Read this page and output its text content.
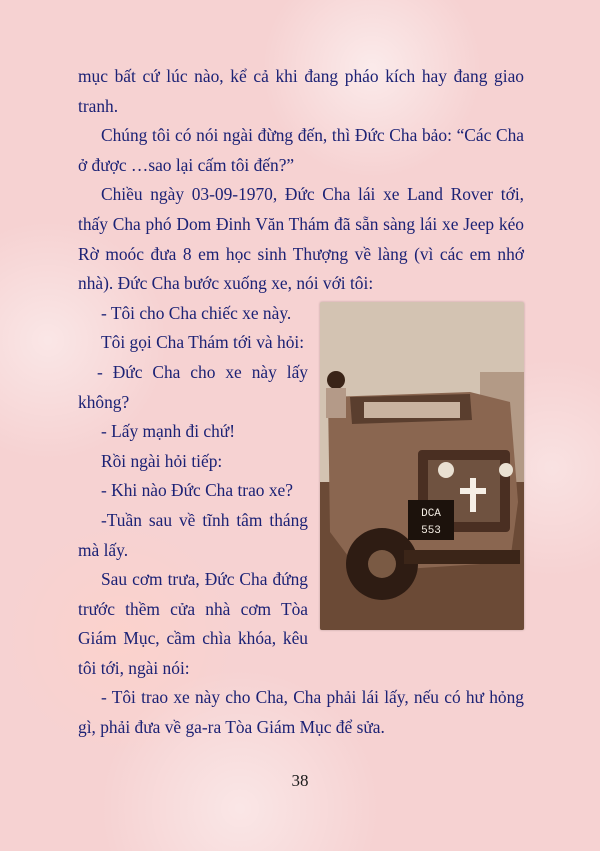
mục bất cứ lúc nào, kể cả khi đang pháo kích hay đang giao tranh.

Chúng tôi có nói ngài đừng đến, thì Đức Cha bảo: “Các Cha ở được …sao lại cấm tôi đến?”

Chiều ngày 03-09-1970, Đức Cha lái xe Land Rover tới, thấy Cha phó Dom Đinh Văn Thám đã sẵn sàng lái xe Jeep kéo Rờ moóc đưa 8 em học sinh Thượng về làng (vì các em nhớ nhà). Đức Cha bước xuống xe, nói với tôi:

DCA
553

- Tôi cho Cha chiếc xe này.

Tôi gọi Cha Thám tới và hỏi:

- Đức Cha cho xe này lấy không?

- Lấy mạnh đi chứ!

Rồi ngài hỏi tiếp:

- Khi nào Đức Cha trao xe?

-Tuần sau về tĩnh tâm tháng mà lấy.

Sau cơm trưa, Đức Cha đứng trước thềm cửa nhà cơm Tòa Giám Mục, cầm chìa khóa, kêu tôi tới, ngài nói:

- Tôi trao xe này cho Cha, Cha phải lái lấy, nếu có hư hỏng gì, phải đưa về ga-ra Tòa Giám Mục để sửa.

38
